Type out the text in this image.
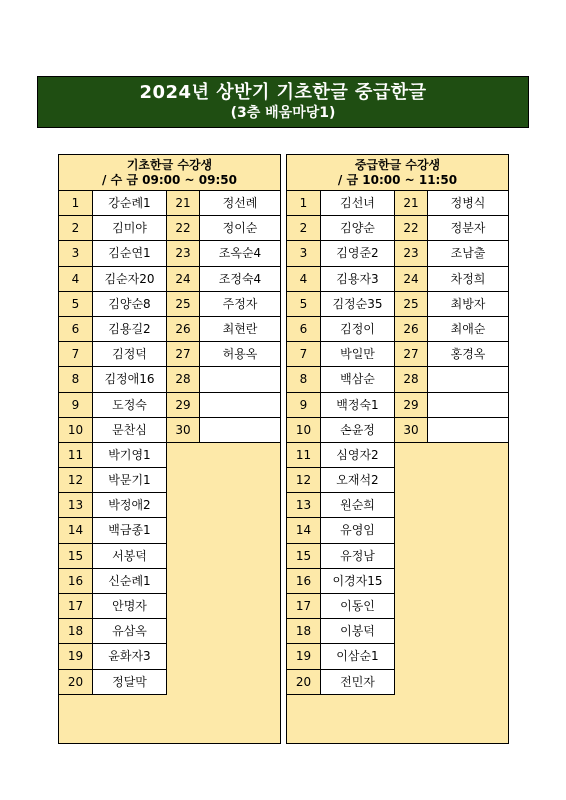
2024년 상반기 기초한글 중급한글
(3층 배움마당1)
기초한글 수강생
/ 수 금 09:00 ~ 09:50
1	강순례1	21	정선례
2	김미야	22	정이순
3	김순연1	23	조옥순4
4	김순자20	24	조정숙4
5	김양순8	25	주정자
6	김용길2	26	최현란
7	김정덕	27	허용옥
8	김정애16	28
9	도정숙	29
10	문찬심	30
11	박기영1
12	박문기1
13	박정애2
14	백금종1
15	서봉덕
16	신순례1
17	안명자
18	유삼옥
19	윤화자3
20	정달막
중급한글 수강생
/ 금 10:00 ~ 11:50
1	김선녀	21	정병식
2	김양순	22	정분자
3	김영준2	23	조남출
4	김용자3	24	차정희
5	김정순35	25	최방자
6	김정이	26	최애순
7	박일만	27	홍경옥
8	백삼순	28
9	백정숙1	29
10	손윤정	30
11	심영자2
12	오재석2
13	원순희
14	유영임
15	유정남
16	이경자15
17	이동인
18	이봉덕
19	이삼순1
20	전민자
